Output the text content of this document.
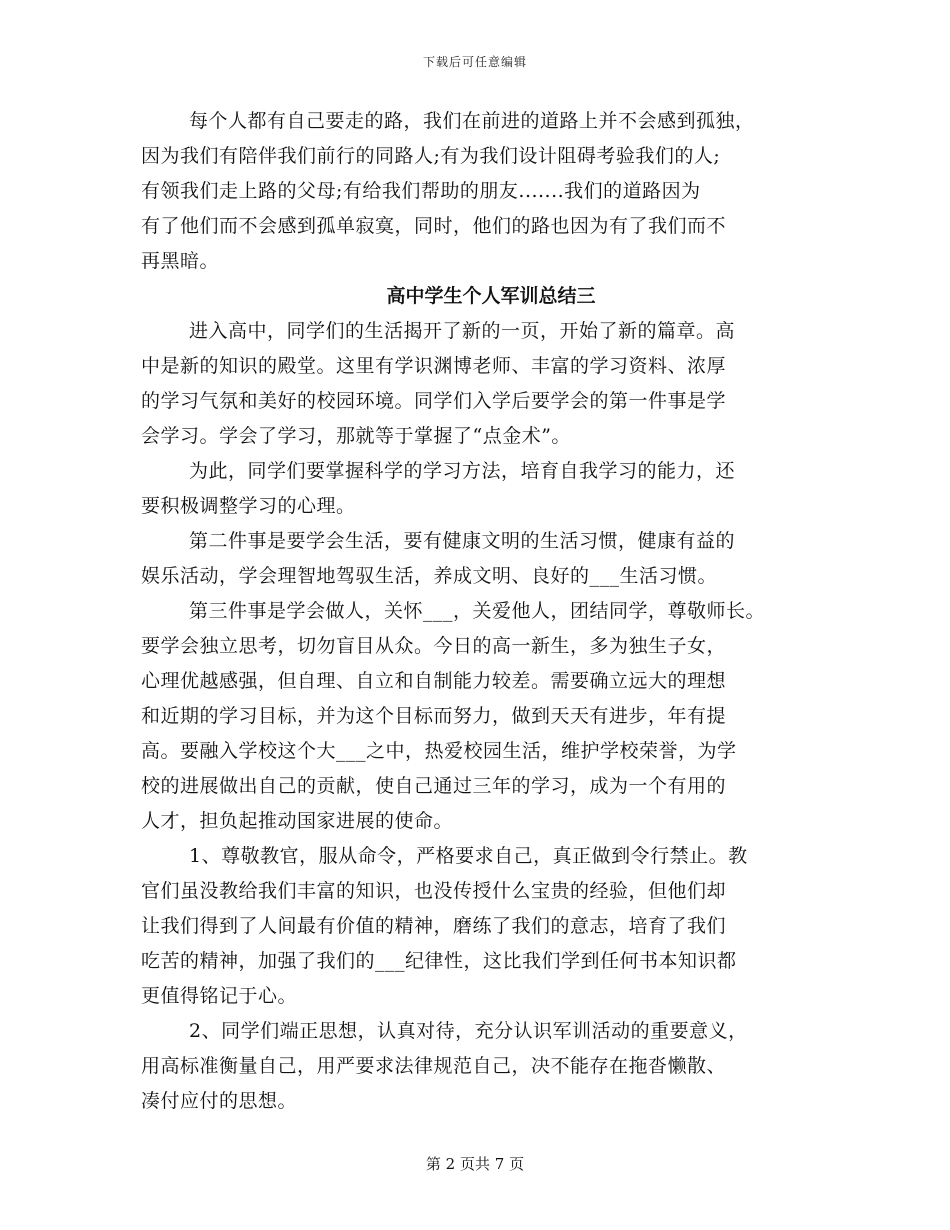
下载后可任意编辑
每个人都有自己要走的路，我们在前进的道路上并不会感到孤独，
因为我们有陪伴我们前行的同路人;有为我们设计阻碍考验我们的人;
有领我们走上路的父母;有给我们帮助的朋友.......我们的道路因为
有了他们而不会感到孤单寂寞，同时，他们的路也因为有了我们而不
再黑暗。
高中学生个人军训总结三
进入高中，同学们的生活揭开了新的一页，开始了新的篇章。高
中是新的知识的殿堂。这里有学识渊博老师、丰富的学习资料、浓厚
的学习气氛和美好的校园环境。同学们入学后要学会的第一件事是学
会学习。学会了学习，那就等于掌握了“点金术”。
为此，同学们要掌握科学的学习方法，培育自我学习的能力，还
要积极调整学习的心理。
第二件事是要学会生活，要有健康文明的生活习惯，健康有益的
娱乐活动，学会理智地驾驭生活，养成文明、良好的___生活习惯。
第三件事是学会做人，关怀___，关爱他人，团结同学，尊敬师长。
要学会独立思考，切勿盲目从众。今日的高一新生，多为独生子女，
心理优越感强，但自理、自立和自制能力较差。需要确立远大的理想
和近期的学习目标，并为这个目标而努力，做到天天有进步，年有提
高。要融入学校这个大___之中，热爱校园生活，维护学校荣誉，为学
校的进展做出自己的贡献，使自己通过三年的学习，成为一个有用的
人才，担负起推动国家进展的使命。
1、尊敬教官，服从命令，严格要求自己，真正做到令行禁止。教
官们虽没教给我们丰富的知识，也没传授什么宝贵的经验，但他们却
让我们得到了人间最有价值的精神，磨练了我们的意志，培育了我们
吃苦的精神，加强了我们的___纪律性，这比我们学到任何书本知识都
更值得铭记于心。
2、同学们端正思想，认真对待，充分认识军训活动的重要意义，
用高标准衡量自己，用严要求法律规范自己，决不能存在拖沓懒散、
凑付应付的思想。
第 2 页共 7 页
